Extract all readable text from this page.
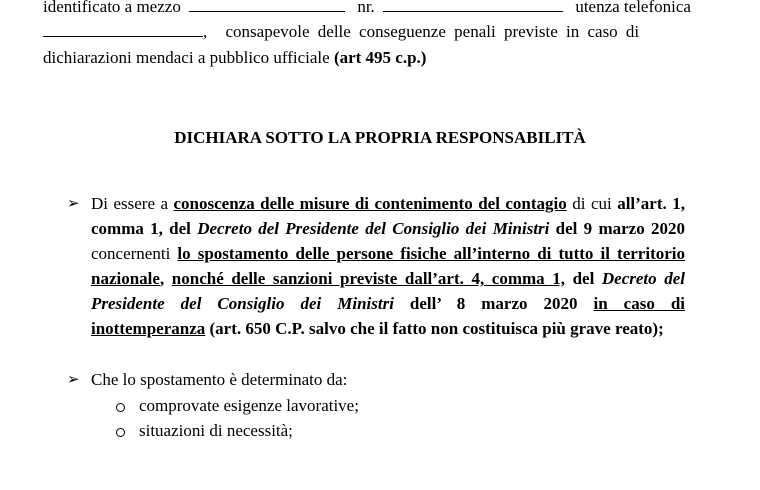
identificato a mezzo	nr.	utenza telefonica
, consapevole delle conseguenze penali previste in caso di
dichiarazioni mendaci a pubblico ufficiale (art 495 c.p.)
DICHIARA SOTTO LA PROPRIA RESPONSABILITÀ
➢ Di essere a conoscenza delle misure di contenimento del contagio di cui all’art. 1,
comma 1, del Decreto del Presidente del Consiglio dei Ministri del 9 marzo 2020
concernenti lo spostamento delle persone fisiche all’interno di tutto il territorio
nazionale, nonché delle sanzioni previste dall’art. 4, comma 1, del Decreto del
Presidente del Consiglio dei Ministri dell’ 8 marzo 2020 in caso di
inottemperanza (art. 650 C.P. salvo che il fatto non costituisca più grave reato);
➢ Che lo spostamento è determinato da:
comprovate esigenze lavorative;
situazioni di necessità;
